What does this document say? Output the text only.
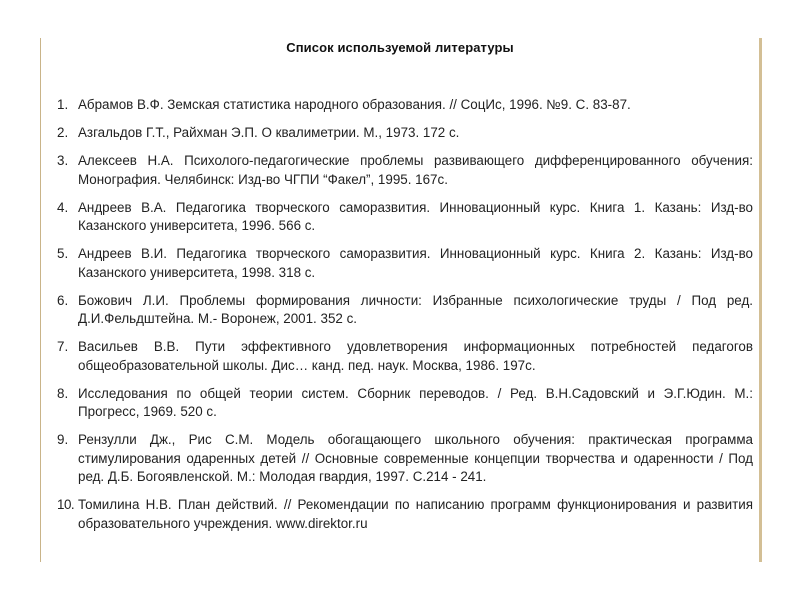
Список используемой литературы
1. Абрамов В.Ф. Земская статистика народного образования. // СоцИс, 1996. №9. С. 83-87.
2. Азгальдов Г.Т., Райхман Э.П. О квалиметрии. М., 1973. 172 с.
3. Алексеев Н.А. Психолого-педагогические проблемы развивающего дифференцированного обучения: Монография. Челябинск: Изд-во ЧГПИ “Факел”, 1995. 167с.
4. Андреев В.А. Педагогика творческого саморазвития. Инновационный курс. Книга 1. Казань: Изд-во Казанского университета, 1996. 566 с.
5. Андреев В.И. Педагогика творческого саморазвития. Инновационный курс. Книга 2. Казань: Изд-во Казанского университета, 1998. 318 с.
6. Божович Л.И. Проблемы формирования личности: Избранные психологические труды / Под ред. Д.И.Фельдштейна. М.- Воронеж, 2001. 352 с.
7. Васильев В.В. Пути эффективного удовлетворения информационных потребностей педагогов общеобразовательной школы. Дис… канд. пед. наук. Москва, 1986. 197с.
8. Исследования по общей теории систем. Сборник переводов. / Ред. В.Н.Садовский и Э.Г.Юдин. М.: Прогресс, 1969. 520 с.
9. Рензулли Дж., Рис С.М. Модель обогащающего школьного обучения: практическая программа стимулирования одаренных детей // Основные современные концепции творчества и одаренности / Под ред. Д.Б. Богоявленской. М.: Молодая гвардия, 1997. С.214 - 241.
10. Томилина Н.В. План действий. // Рекомендации по написанию программ функционирования и развития образовательного учреждения. www.direktor.ru
